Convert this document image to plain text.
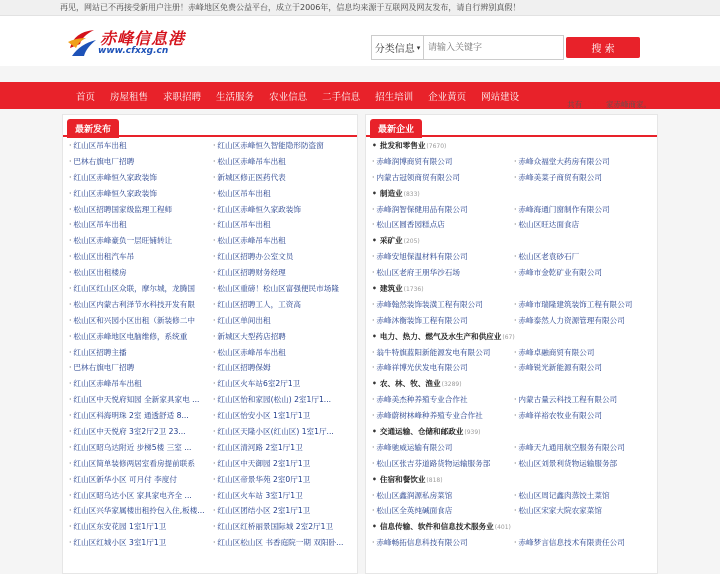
再见，网站已不再接受新用户注册！赤峰地区免费公益平台，成立于2006年，信息均来源于互联网及网友发布，请自行辨别真假！
赤峰信息港
www.cfxxg.cn	分类信息 ▾
请输入关键字	搜 索
首页 房屋租售 求职招聘 生活服务 农业信息 二手信息 招生培训 企业黄页 网站建设
最新发布
· 红山区吊车出租	· 红山区赤峰恒久智能隐形防盗窗
· 巴林右旗电厂招聘	· 松山区赤峰吊车出租
· 红山区赤峰恒久家政装饰	· 新城区修正医药代表
· 红山区赤峰恒久家政装饰	· 松山区吊车出租
· 松山区招聘国家级监理工程师	· 红山区赤峰恒久家政装饰
· 松山区吊车出租	· 红山区吊车出租
· 松山区赤峰豪负一层旺铺转让	· 松山区赤峰吊车出租
· 松山区出租汽车吊	· 红山区招聘办公室文员
· 松山区出租楼房	· 红山区招聘财务经理
· 红山区红山区众联，摩尔城，龙腾国	· 松山区重磅！松山区富强便民市场隆
· 松山区内蒙古利泽节水科技开发有限	· 红山区招聘工人，工资高
· 松山区和兴园小区出租（新装修二中	· 红山区单间出租
· 松山区赤峰地区电脑维修，系统重	· 新城区大型药店招聘
· 红山区招聘主播	· 松山区赤峰吊车出租
· 巴林右旗电厂招聘	· 红山区招聘保姆
· 红山区赤峰吊车出租	· 红山区火车站6室2厅1卫
· 红山区中天悦府知园 全新家具家电 ...	· 红山区怡和家园(松山) 2室1厅1...
· 红山区科海明珠 2室 通透舒适 8...	· 红山区怡安小区 1室1厅1卫
· 红山区中天悦府 3室2厅2卫 23...	· 红山区天隆小区(红山区) 1室1厅...
· 红山区昭乌达附近 步梯5楼 三室 ...	· 红山区清河路 2室1厅1卫
· 红山区简单装修两居室看房提前联系	· 红山区中天御园 2室1厅1卫
· 红山区新华小区 可月付 李度付	· 红山区帝景华苑 2室0厅1卫
· 红山区昭乌达小区 家具家电齐全 ...	· 红山区火车站 3室1厅1卫
· 红山区兴华家属楼出租拎包入住,板楼...	· 红山区团结小区 2室1厅1卫
· 红山区东安花园 1室1厅1卫	· 红山区红桥丽景国际城 2室2厅1卫
· 红山区红城小区 3室1厅1卫	· 红山区松山区 书香庭院一期 双阳卧...
最新企业
共有20665家赤峰商家。
• 批发和零售业(7670)
· 赤峰润博商贸有限公司	· 赤峰众福堂大药房有限公司
· 内蒙古冠领商贸有限公司	· 赤峰美菜子商贸有限公司
• 制造业(833)
· 赤峰润智保健用品有限公司	· 赤峰海通门窗制作有限公司
· 松山区圆香园糕点店	· 松山区旺达面食店
• 采矿业(205)
· 赤峰安旭保温材料有限公司	· 松山区老袁砂石厂
· 松山区老府王朋华沙石场	· 赤峰市金乾矿业有限公司
• 建筑业(1736)
· 赤峰翰然装饰装潢工程有限公司	· 赤峰市瑞隆建筑装饰工程有限公司
· 赤峰沐衡装饰工程有限公司	· 赤峰泰然人力资源管理有限公司
• 电力、热力、燃气及水生产和供应业(67)
· 翁牛特旗蓝阳新能源发电有限公司	· 赤峰卓融商贸有限公司
· 赤峰祥博光伏发电有限公司	· 赤峰锐光新能源有限公司
• 农、林、牧、渔业(3289)
· 赤峰美杰种养殖专业合作社	· 内蒙古量云科技工程有限公司
· 赤峰蔚树林峰种养殖专业合作社	· 赤峰祥裕农牧业有限公司
• 交通运输、仓储和邮政业(939)
· 赤峰驰威运输有限公司	· 赤峰天九通用航空服务有限公司
· 松山区张吉芬道路货物运输服务部	· 松山区刘景利货物运输服务部
• 住宿和餐饮业(818)
· 松山区鑫润源私房菜馆	· 松山区周记鑫肉蒸饺土菜馆
· 松山区全英纯碱面食店	· 松山区宋家大院农家菜馆
• 信息传输、软件和信息技术服务业(401)
· 赤峰畅拓信息科技有限公司	· 赤峰梦言信息技术有限责任公司
